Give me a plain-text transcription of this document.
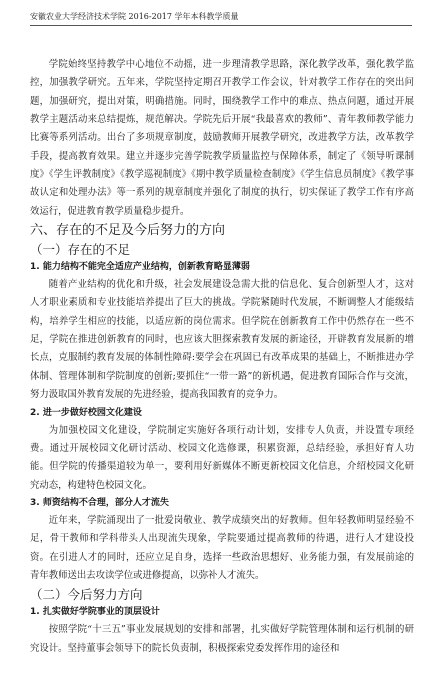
安徽农业大学经济技术学院 2016-2017 学年本科教学质量

学院始终坚持教学中心地位不动摇，进一步理清教学思路，深化教学改革，强化教学监控，加强教学研究。五年来，学院坚持定期召开教学工作会议，针对教学工作存在的突出问题，加强研究，提出对策，明确措施。同时，围绕教学工作中的难点、热点问题，通过开展教学主题活动来总结提炼，规范解决。学院先后开展“我最喜欢的教师”、青年教师教学能力比赛等系列活动。出台了多项规章制度，鼓励教师开展教学研究，改进教学方法，改革教学手段，提高教育效果。建立并逐步完善学院教学质量监控与保障体系，制定了《领导听课制度》《学生评教制度》《教学巡视制度》《期中教学质量检查制度》《学生信息员制度》《教学事故认定和处理办法》等一系列的规章制度并强化了制度的执行，切实保证了教学工作有序高效运行，促进教育教学质量稳步提升。

六、存在的不足及今后努力的方向
（一）存在的不足
1. 能力结构不能完全适应产业结构，创新教育略显薄弱

随着产业结构的优化和升级，社会发展建设急需大批的信息化、复合创新型人才，这对人才职业素质和专业技能培养提出了巨大的挑战。学院紧随时代发展，不断调整人才能级结构，培养学生相应的技能，以适应新的岗位需求。但学院在创新教育工作中仍然存在一些不足，学院在推进创新教育的同时，也应该大胆探索教育发展的新途径，开辟教育发展新的增长点，克服制约教育发展的体制性障碍:要学会在巩固已有改革成果的基础上，不断推进办学体制、管理体制和学院制度的创新;要抓住“一带一路”的新机遇，促进教育国际合作与交流，努力汲取国外教育发展的先进经验，提高我国教育的竞争力。

2. 进一步做好校园文化建设

为加强校园文化建设，学院制定实施好各项行动计划，安排专人负责，并设置专项经费。通过开展校园文化研讨活动、校园文化选修课，积累资源，总结经验，承担好育人功能。但学院的传播渠道较为单一，要利用好新媒体不断更新校园文化信息，介绍校园文化研究动态，构建特色校园文化。

3. 师资结构不合理，部分人才流失

近年来，学院涌现出了一批爱岗敬业、教学成绩突出的好教师。但年轻教师明显经验不足，骨干教师和学科带头人出现流失现象，学院要通过提高教师的待遇，进行人才建设投资。在引进人才的同时，还应立足自身，选择一些政治思想好、业务能力强，有发展前途的青年教师送出去攻读学位或进修提高，以弥补人才流失。

（二）今后努力方向
1. 扎实做好学院事业的顶层设计

按照学院“十三五”事业发展规划的安排和部署，扎实做好学院管理体制和运行机制的研究设计。坚持董事会领导下的院长负责制，积极探索党委发挥作用的途径和
